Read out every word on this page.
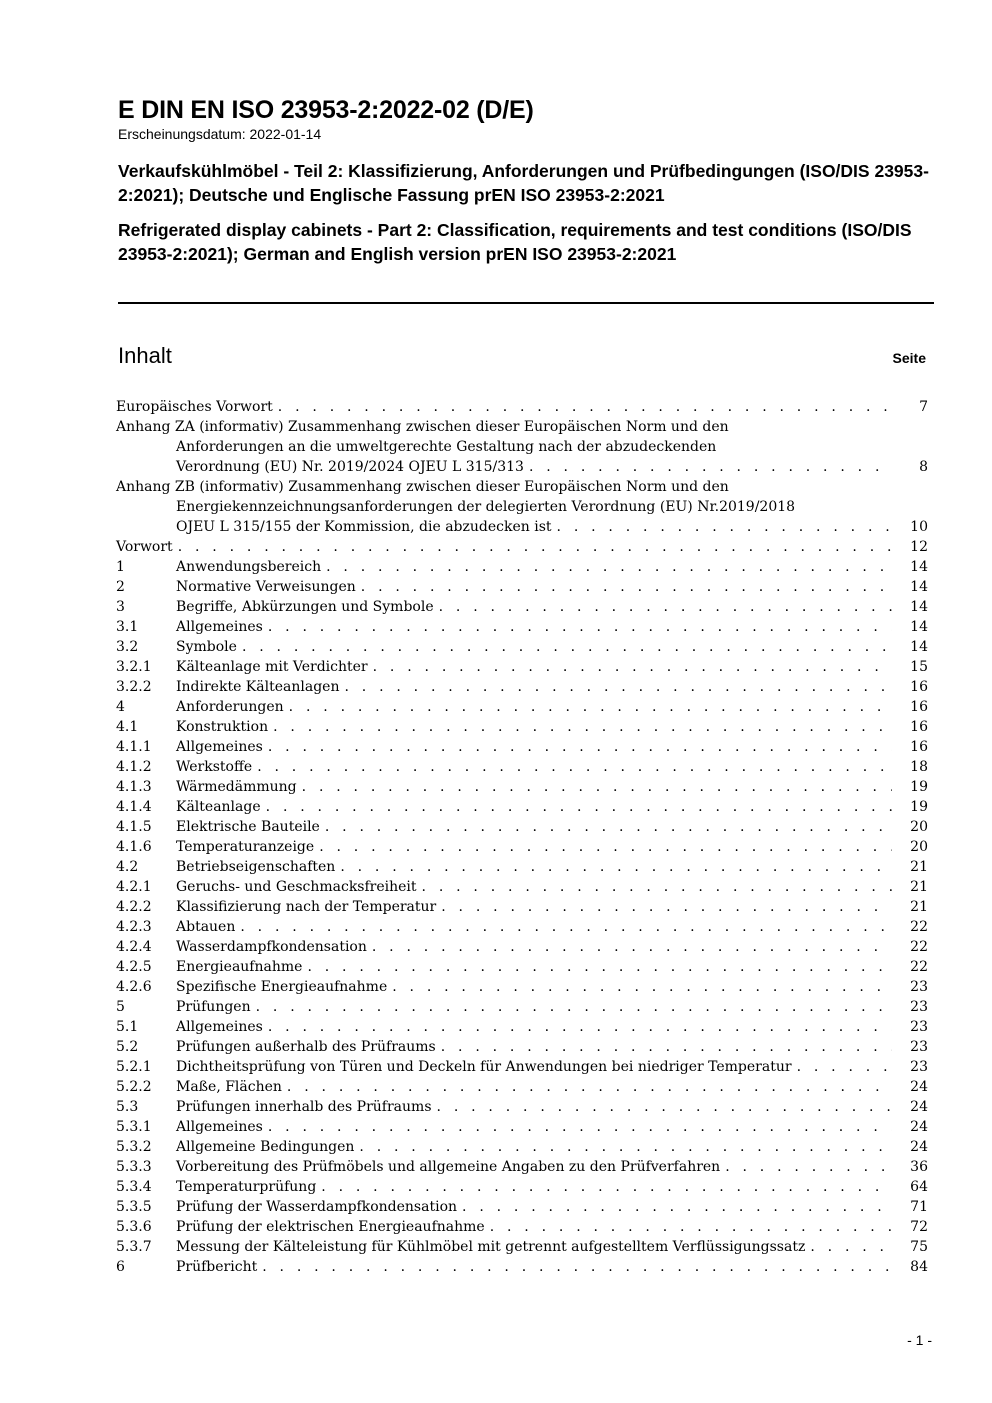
E DIN EN ISO 23953-2:2022-02 (D/E)
Erscheinungsdatum: 2022-01-14
Verkaufskühlmöbel - Teil 2: Klassifizierung, Anforderungen und Prüfbedingungen (ISO/DIS 23953-2:2021); Deutsche und Englische Fassung prEN ISO 23953-2:2021
Refrigerated display cabinets - Part 2: Classification, requirements and test conditions (ISO/DIS 23953-2:2021); German and English version prEN ISO 23953-2:2021
Inhalt	Seite
Europäisches Vorwort . . .	7
Anhang ZA (informativ) Zusammenhang zwischen dieser Europäischen Norm und den
Anforderungen an die umweltgerechte Gestaltung nach der abzudeckenden
Verordnung (EU) Nr. 2019/2024 OJEU L 315/313 . . .	8
Anhang ZB (informativ) Zusammenhang zwischen dieser Europäischen Norm und den
Energiekennzeichnungsanforderungen der delegierten Verordnung (EU) Nr.2019/2018
OJEU L 315/155 der Kommission, die abzudecken ist . . .	10
Vorwort . . .	12
1	Anwendungsbereich . . .	14
2	Normative Verweisungen . . .	14
3	Begriffe, Abkürzungen und Symbole . . .	14
3.1	Allgemeines . . .	14
3.2	Symbole . . .	14
3.2.1	Kälteanlage mit Verdichter . . .	15
3.2.2	Indirekte Kälteanlagen . . .	16
4	Anforderungen . . .	16
4.1	Konstruktion . . .	16
4.1.1	Allgemeines . . .	16
4.1.2	Werkstoffe . . .	18
4.1.3	Wärmedämmung . . .	19
4.1.4	Kälteanlage . . .	19
4.1.5	Elektrische Bauteile . . .	20
4.1.6	Temperaturanzeige . . .	20
4.2	Betriebseigenschaften . . .	21
4.2.1	Geruchs- und Geschmacksfreiheit . . .	21
4.2.2	Klassifizierung nach der Temperatur . . .	21
4.2.3	Abtauen . . .	22
4.2.4	Wasserdampfkondensation . . .	22
4.2.5	Energieaufnahme . . .	22
4.2.6	Spezifische Energieaufnahme . . .	23
5	Prüfungen . . .	23
5.1	Allgemeines . . .	23
5.2	Prüfungen außerhalb des Prüfraums . . .	23
5.2.1	Dichtheitsprüfung von Türen und Deckeln für Anwendungen bei niedriger Temperatur . . .	23
5.2.2	Maße, Flächen . . .	24
5.3	Prüfungen innerhalb des Prüfraums . . .	24
5.3.1	Allgemeines . . .	24
5.3.2	Allgemeine Bedingungen . . .	24
5.3.3	Vorbereitung des Prüfmöbels und allgemeine Angaben zu den Prüfverfahren . . .	36
5.3.4	Temperaturprüfung . . .	64
5.3.5	Prüfung der Wasserdampfkondensation . . .	71
5.3.6	Prüfung der elektrischen Energieaufnahme . . .	72
5.3.7	Messung der Kälteleistung für Kühlmöbel mit getrennt aufgestelltem Verflüssigungssatz . . .	75
6	Prüfbericht . . .	84
- 1 -
